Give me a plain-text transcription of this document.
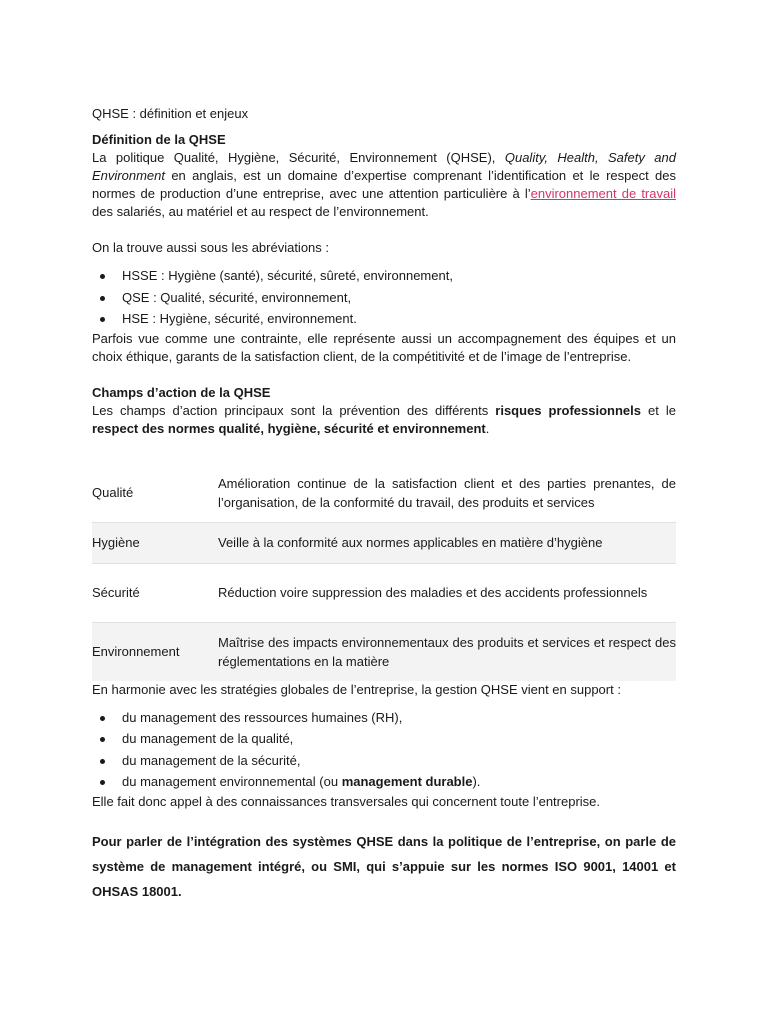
QHSE : définition et enjeux

Définition de la QHSE

La politique Qualité, Hygiène, Sécurité, Environnement (QHSE), Quality, Health, Safety and Environment en anglais, est un domaine d’expertise comprenant l’identification et le respect des normes de production d’une entreprise, avec une attention particulière à l’environnement de travail des salariés, au matériel et au respect de l’environnement.

On la trouve aussi sous les abréviations :

HSSE : Hygiène (santé), sécurité, sûreté, environnement,
QSE : Qualité, sécurité, environnement,
HSE : Hygiène, sécurité, environnement.

Parfois vue comme une contrainte, elle représente aussi un accompagnement des équipes et un choix éthique, garants de la satisfaction client, de la compétitivité et de l’image de l’entreprise.

Champs d’action de la QHSE

Les champs d’action principaux sont la prévention des différents risques professionnels et le respect des normes qualité, hygiène, sécurité et environnement.

Qualité	Amélioration continue de la satisfaction client et des parties prenantes, de l’organisation, de la conformité du travail, des produits et services
Hygiène	Veille à la conformité aux normes applicables en matière d’hygiène
Sécurité	Réduction voire suppression des maladies et des accidents professionnels
Environnement	Maîtrise des impacts environnementaux des produits et services et respect des réglementations en la matière

En harmonie avec les stratégies globales de l’entreprise, la gestion QHSE vient en support :

du management des ressources humaines (RH),
du management de la qualité,
du management de la sécurité,
du management environnemental (ou management durable).

Elle fait donc appel à des connaissances transversales qui concernent toute l’entreprise.

Pour parler de l’intégration des systèmes QHSE dans la politique de l’entreprise, on parle de système de management intégré, ou SMI, qui s’appuie sur les normes ISO 9001, 14001 et OHSAS 18001.
